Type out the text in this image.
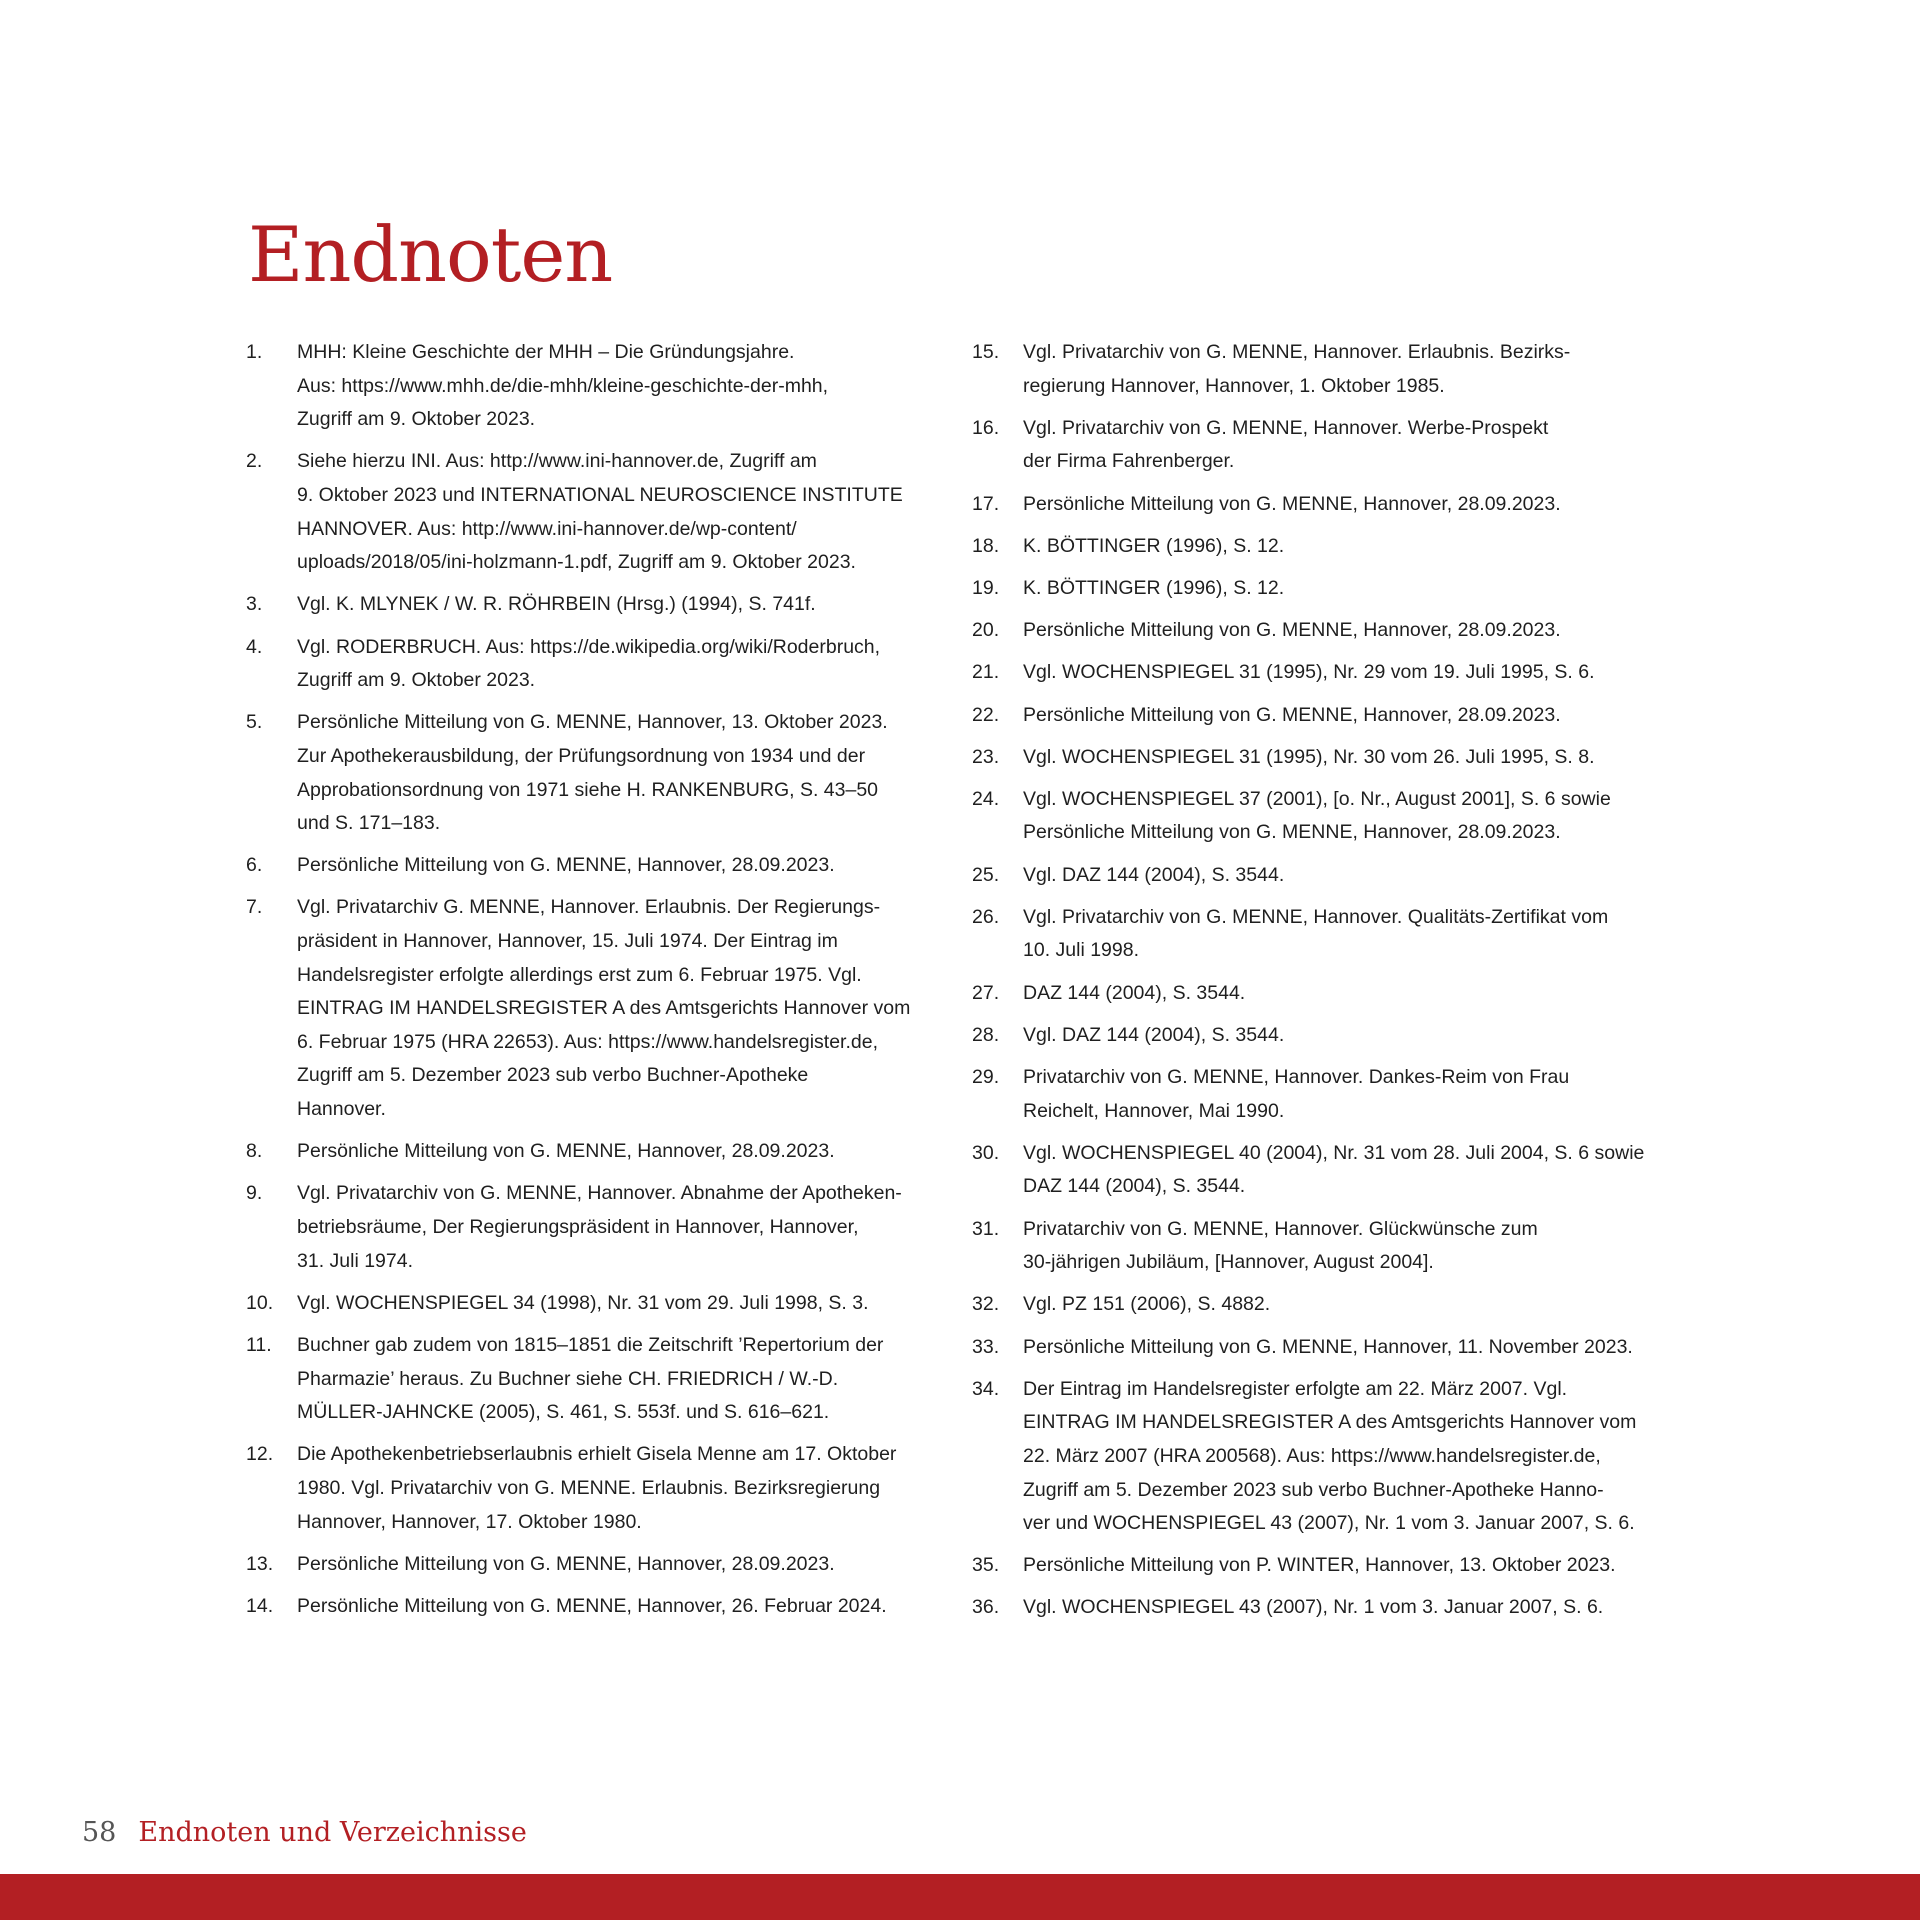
Endnoten
1.	MHH: Kleine Geschichte der MHH – Die Gründungsjahre.
Aus: https://www.mhh.de/die-mhh/kleine-geschichte-der-mhh,
Zugriff am 9. Oktober 2023.
2.	Siehe hierzu INI. Aus: http://www.ini-hannover.de, Zugriff am
9. Oktober 2023 und INTERNATIONAL NEUROSCIENCE INSTITUTE
HANNOVER. Aus: http://www.ini-hannover.de/wp-content/
uploads/2018/05/ini-holzmann-1.pdf, Zugriff am 9. Oktober 2023.
3.	Vgl. K. MLYNEK / W. R. RÖHRBEIN (Hrsg.) (1994), S. 741f.
4.	Vgl. RODERBRUCH. Aus: https://de.wikipedia.org/wiki/Roderbruch,
Zugriff am 9. Oktober 2023.
5.	Persönliche Mitteilung von G. MENNE, Hannover, 13. Oktober 2023.
Zur Apothekerausbildung, der Prüfungsordnung von 1934 und der
Approbationsordnung von 1971 siehe H. RANKENBURG, S. 43–50
und S. 171–183.
6.	Persönliche Mitteilung von G. MENNE, Hannover, 28.09.2023.
7.	Vgl. Privatarchiv G. MENNE, Hannover. Erlaubnis. Der Regierungs-
präsident in Hannover, Hannover, 15. Juli 1974. Der Eintrag im
Handelsregister erfolgte allerdings erst zum 6. Februar 1975. Vgl.
EINTRAG IM HANDELSREGISTER A des Amtsgerichts Hannover vom
6. Februar 1975 (HRA 22653). Aus: https://www.handelsregister.de,
Zugriff am 5. Dezember 2023 sub verbo Buchner-Apotheke
Hannover.
8.	Persönliche Mitteilung von G. MENNE, Hannover, 28.09.2023.
9.	Vgl. Privatarchiv von G. MENNE, Hannover. Abnahme der Apotheken-
betriebsräume, Der Regierungspräsident in Hannover, Hannover,
31. Juli 1974.
10.	Vgl. WOCHENSPIEGEL 34 (1998), Nr. 31 vom 29. Juli 1998, S. 3.
11.	Buchner gab zudem von 1815–1851 die Zeitschrift ’Repertorium der
Pharmazie’ heraus. Zu Buchner siehe CH. FRIEDRICH / W.-D.
MÜLLER-JAHNCKE (2005), S. 461, S. 553f. und S. 616–621.
12.	Die Apothekenbetriebserlaubnis erhielt Gisela Menne am 17. Oktober
1980. Vgl. Privatarchiv von G. MENNE. Erlaubnis. Bezirksregierung
Hannover, Hannover, 17. Oktober 1980.
13.	Persönliche Mitteilung von G. MENNE, Hannover, 28.09.2023.
14.	Persönliche Mitteilung von G. MENNE, Hannover, 26. Februar 2024.
15.	Vgl. Privatarchiv von G. MENNE, Hannover. Erlaubnis. Bezirks-
regierung Hannover, Hannover, 1. Oktober 1985.
16.	Vgl. Privatarchiv von G. MENNE, Hannover. Werbe-Prospekt
der Firma Fahrenberger.
17.	Persönliche Mitteilung von G. MENNE, Hannover, 28.09.2023.
18.	K. BÖTTINGER (1996), S. 12.
19.	K. BÖTTINGER (1996), S. 12.
20.	Persönliche Mitteilung von G. MENNE, Hannover, 28.09.2023.
21.	Vgl. WOCHENSPIEGEL 31 (1995), Nr. 29 vom 19. Juli 1995, S. 6.
22.	Persönliche Mitteilung von G. MENNE, Hannover, 28.09.2023.
23.	Vgl. WOCHENSPIEGEL 31 (1995), Nr. 30 vom 26. Juli 1995, S. 8.
24.	Vgl. WOCHENSPIEGEL 37 (2001), [o. Nr., August 2001], S. 6 sowie
Persönliche Mitteilung von G. MENNE, Hannover, 28.09.2023.
25.	Vgl. DAZ 144 (2004), S. 3544.
26.	Vgl. Privatarchiv von G. MENNE, Hannover. Qualitäts-Zertifikat vom
10. Juli 1998.
27.	DAZ 144 (2004), S. 3544.
28.	Vgl. DAZ 144 (2004), S. 3544.
29.	Privatarchiv von G. MENNE, Hannover. Dankes-Reim von Frau
Reichelt, Hannover, Mai 1990.
30.	Vgl. WOCHENSPIEGEL 40 (2004), Nr. 31 vom 28. Juli 2004, S. 6 sowie
DAZ 144 (2004), S. 3544.
31.	Privatarchiv von G. MENNE, Hannover. Glückwünsche zum
30-jährigen Jubiläum, [Hannover, August 2004].
32.	Vgl. PZ 151 (2006), S. 4882.
33.	Persönliche Mitteilung von G. MENNE, Hannover, 11. November 2023.
34.	Der Eintrag im Handelsregister erfolgte am 22. März 2007. Vgl.
EINTRAG IM HANDELSREGISTER A des Amtsgerichts Hannover vom
22. März 2007 (HRA 200568). Aus: https://www.handelsregister.de,
Zugriff am 5. Dezember 2023 sub verbo Buchner-Apotheke Hanno-
ver und WOCHENSPIEGEL 43 (2007), Nr. 1 vom 3. Januar 2007, S. 6.
35.	Persönliche Mitteilung von P. WINTER, Hannover, 13. Oktober 2023.
36.	Vgl. WOCHENSPIEGEL 43 (2007), Nr. 1 vom 3. Januar 2007, S. 6.
58 Endnoten und Verzeichnisse
